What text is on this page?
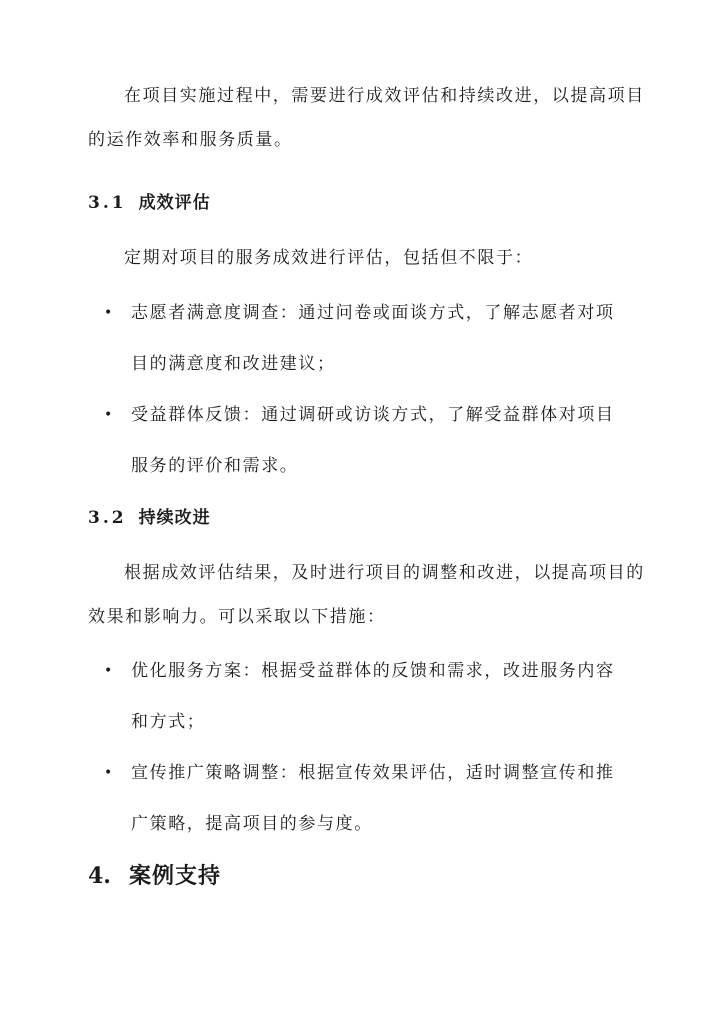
在项目实施过程中，需要进行成效评估和持续改进，以提高项目的运作效率和服务质量。

3.1 成效评估

定期对项目的服务成效进行评估，包括但不限于：

• 志愿者满意度调查：通过问卷或面谈方式，了解志愿者对项目的满意度和改进建议；
• 受益群体反馈：通过调研或访谈方式，了解受益群体对项目服务的评价和需求。
3.2 持续改进

根据成效评估结果，及时进行项目的调整和改进，以提高项目的效果和影响力。可以采取以下措施：

• 优化服务方案：根据受益群体的反馈和需求，改进服务内容和方式；
• 宣传推广策略调整：根据宣传效果评估，适时调整宣传和推广策略，提高项目的参与度。
4. 案例支持
